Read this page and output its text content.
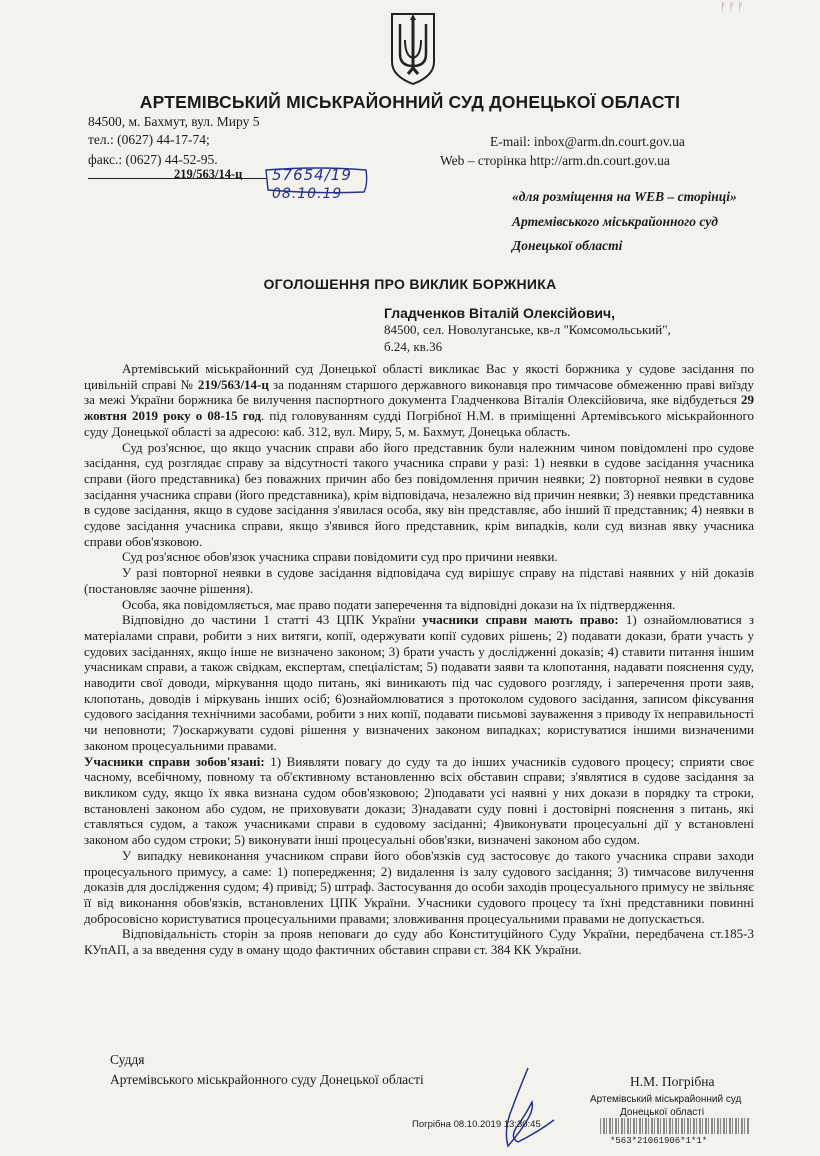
ᚠ ᚠ ᚠ
АРТЕМІВСЬКИЙ МІСЬКРАЙОННИЙ СУД ДОНЕЦЬКОЇ ОБЛАСТІ
84500, м. Бахмут, вул. Миру 5
тел.: (0627) 44-17-74;
факс.: (0627) 44-52-95.
E-mail: inbox@arm.dn.court.gov.ua
Web – сторінка http://arm.dn.court.gov.ua
219/563/14-ц 57654/19
08.10.19	«для розміщення на WEB – сторінці»
Артемівського міськрайонного суд
Донецької області
ОГОЛОШЕННЯ ПРО ВИКЛИК БОРЖНИКА
Гладченков Віталій Олексійович,
84500, сел. Новолуганське, кв-л "Комсомольський",
б.24, кв.36

Артемівський міськрайонний суд Донецької області викликає Вас у якості боржника у судове засідання по цивільній справі № 219/563/14-ц за поданням старшого державного виконавця про тимчасове обмеженню праві виїзду за межі України боржника бе вилучення паспортного документа Гладченкова Віталія Олексійовича, яке відбудеться 29 жовтня 2019 року о 08-15 год. під головуванням судді Погрібної Н.М. в приміщенні Артемівського міськрайонного суду Донецької області за адресою: каб. 312, вул. Миру, 5, м. Бахмут, Донецька область.

Суд роз'яснює, що якщо учасник справи або його представник були належним чином повідомлені про судове засідання, суд розглядає справу за відсутності такого учасника справи у разі: 1) неявки в судове засідання учасника справи (його представника) без поважних причин або без повідомлення причин неявки; 2) повторної неявки в судове засідання учасника справи (його представника), крім відповідача, незалежно від причин неявки; 3) неявки представника в судове засідання, якщо в судове засідання з'явилася особа, яку він представляє, або інший її представник; 4) неявки в судове засідання учасника справи, якщо з'явився його представник, крім випадків, коли суд визнав явку учасника справи обов'язковою.

Суд роз'яснює обов'язок учасника справи повідомити суд про причини неявки.

У разі повторної неявки в судове засідання відповідача суд вирішує справу на підставі наявних у ній доказів (постановляє заочне рішення).

Особа, яка повідомляється, має право подати заперечення та відповідні докази на їх підтвердження.

Відповідно до частини 1 статті 43 ЦПК України учасники справи мають право: 1) ознайомлюватися з матеріалами справи, робити з них витяги, копії, одержувати копії судових рішень; 2) подавати докази, брати участь у судових засіданнях, якщо інше не визначено законом; 3) брати участь у дослідженні доказів; 4) ставити питання іншим учасникам справи, а також свідкам, експертам, спеціалістам; 5) подавати заяви та клопотання, надавати пояснення суду, наводити свої доводи, міркування щодо питань, які виникають під час судового розгляду, і заперечення проти заяв, клопотань, доводів і міркувань інших осіб; 6)ознайомлюватися з протоколом судового засідання, записом фіксування судового засідання технічними засобами, робити з них копії, подавати письмові зауваження з приводу їх неправильності чи неповноти; 7)оскаржувати судові рішення у визначених законом випадках; користуватися іншими визначеними законом процесуальними правами.

Учасники справи зобов'язані: 1) Виявляти повагу до суду та до інших учасників судового процесу; сприяти своє часному, всебічному, повному та об'єктивному встановленню всіх обставин справи; з'являтися в судове засідання за викликом суду, якщо їх явка визнана судом обов'язковою; 2)подавати усі наявні у них докази в порядку та строки, встановлені законом або судом, не приховувати докази; 3)надавати суду повні і достовірні пояснення з питань, які ставляться судом, а також учасниками справи в судовому засіданні; 4)виконувати процесуальні дії у встановлені законом або судом строки; 5) виконувати інші процесуальні обов'язки, визначені законом або судом.

У випадку невиконання учасником справи його обов'язків суд застосовує до такого учасника справи заходи процесуального примусу, а саме: 1) попередження; 2) видалення із залу судового засідання; 3) тимчасове вилучення доказів для дослідження судом; 4) привід; 5) штраф. Застосування до особи заходів процесуального примусу не звільняє її від виконання обов'язків, встановлених ЦПК України. Учасники судового процесу та їхні представники повинні добросовісно користуватися процесуальними правами; зловживання процесуальними правами не допускається.

Відповідальність сторін за прояв неповаги до суду або Конституційного Суду України, передбачена ст.185-3 КУпАП, а за введення суду в оману щодо фактичних обставин справи ст. 384 КК України.

Суддя
Артемівського міськрайонного суду Донецької області	Н.М. Погрібна
Артемівський міськрайонний суд
Донецької області
Погрібна 08.10.2019 13:30:45
*563*21061906*1*1*
